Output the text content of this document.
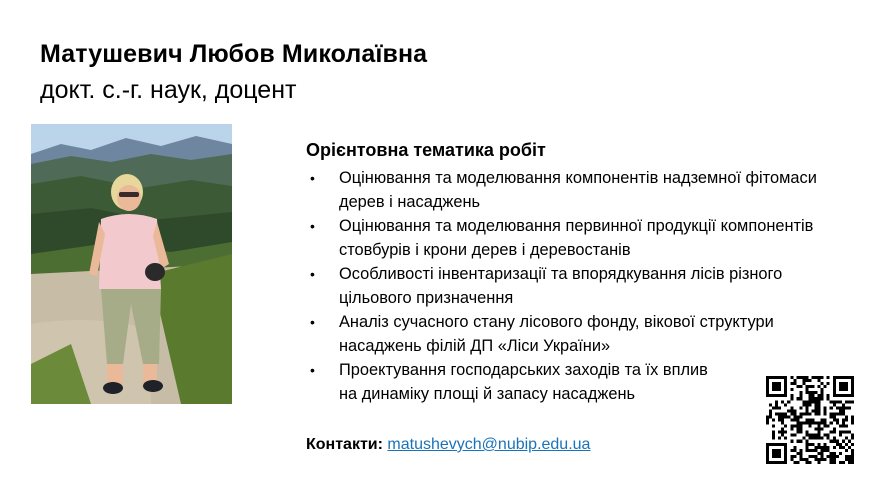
Матушевич Любов Миколаївна
докт. с.-г. наук, доцент
Орієнтовна тематика робіт
• Оцінювання та моделювання компонентів надземної фітомаси
дерев і насаджень
• Оцінювання та моделювання первинної продукції компонентів
стовбурів і крони дерев і деревостанів
• Особливості інвентаризації та впорядкування лісів різного
цільового призначення
• Аналіз сучасного стану лісового фонду, вікової структури
насаджень філій ДП «Ліси України»
• Проектування господарських заходів та їх вплив
на динаміку площі й запасу насаджень
Контакти: matushevych@nubip.edu.ua
